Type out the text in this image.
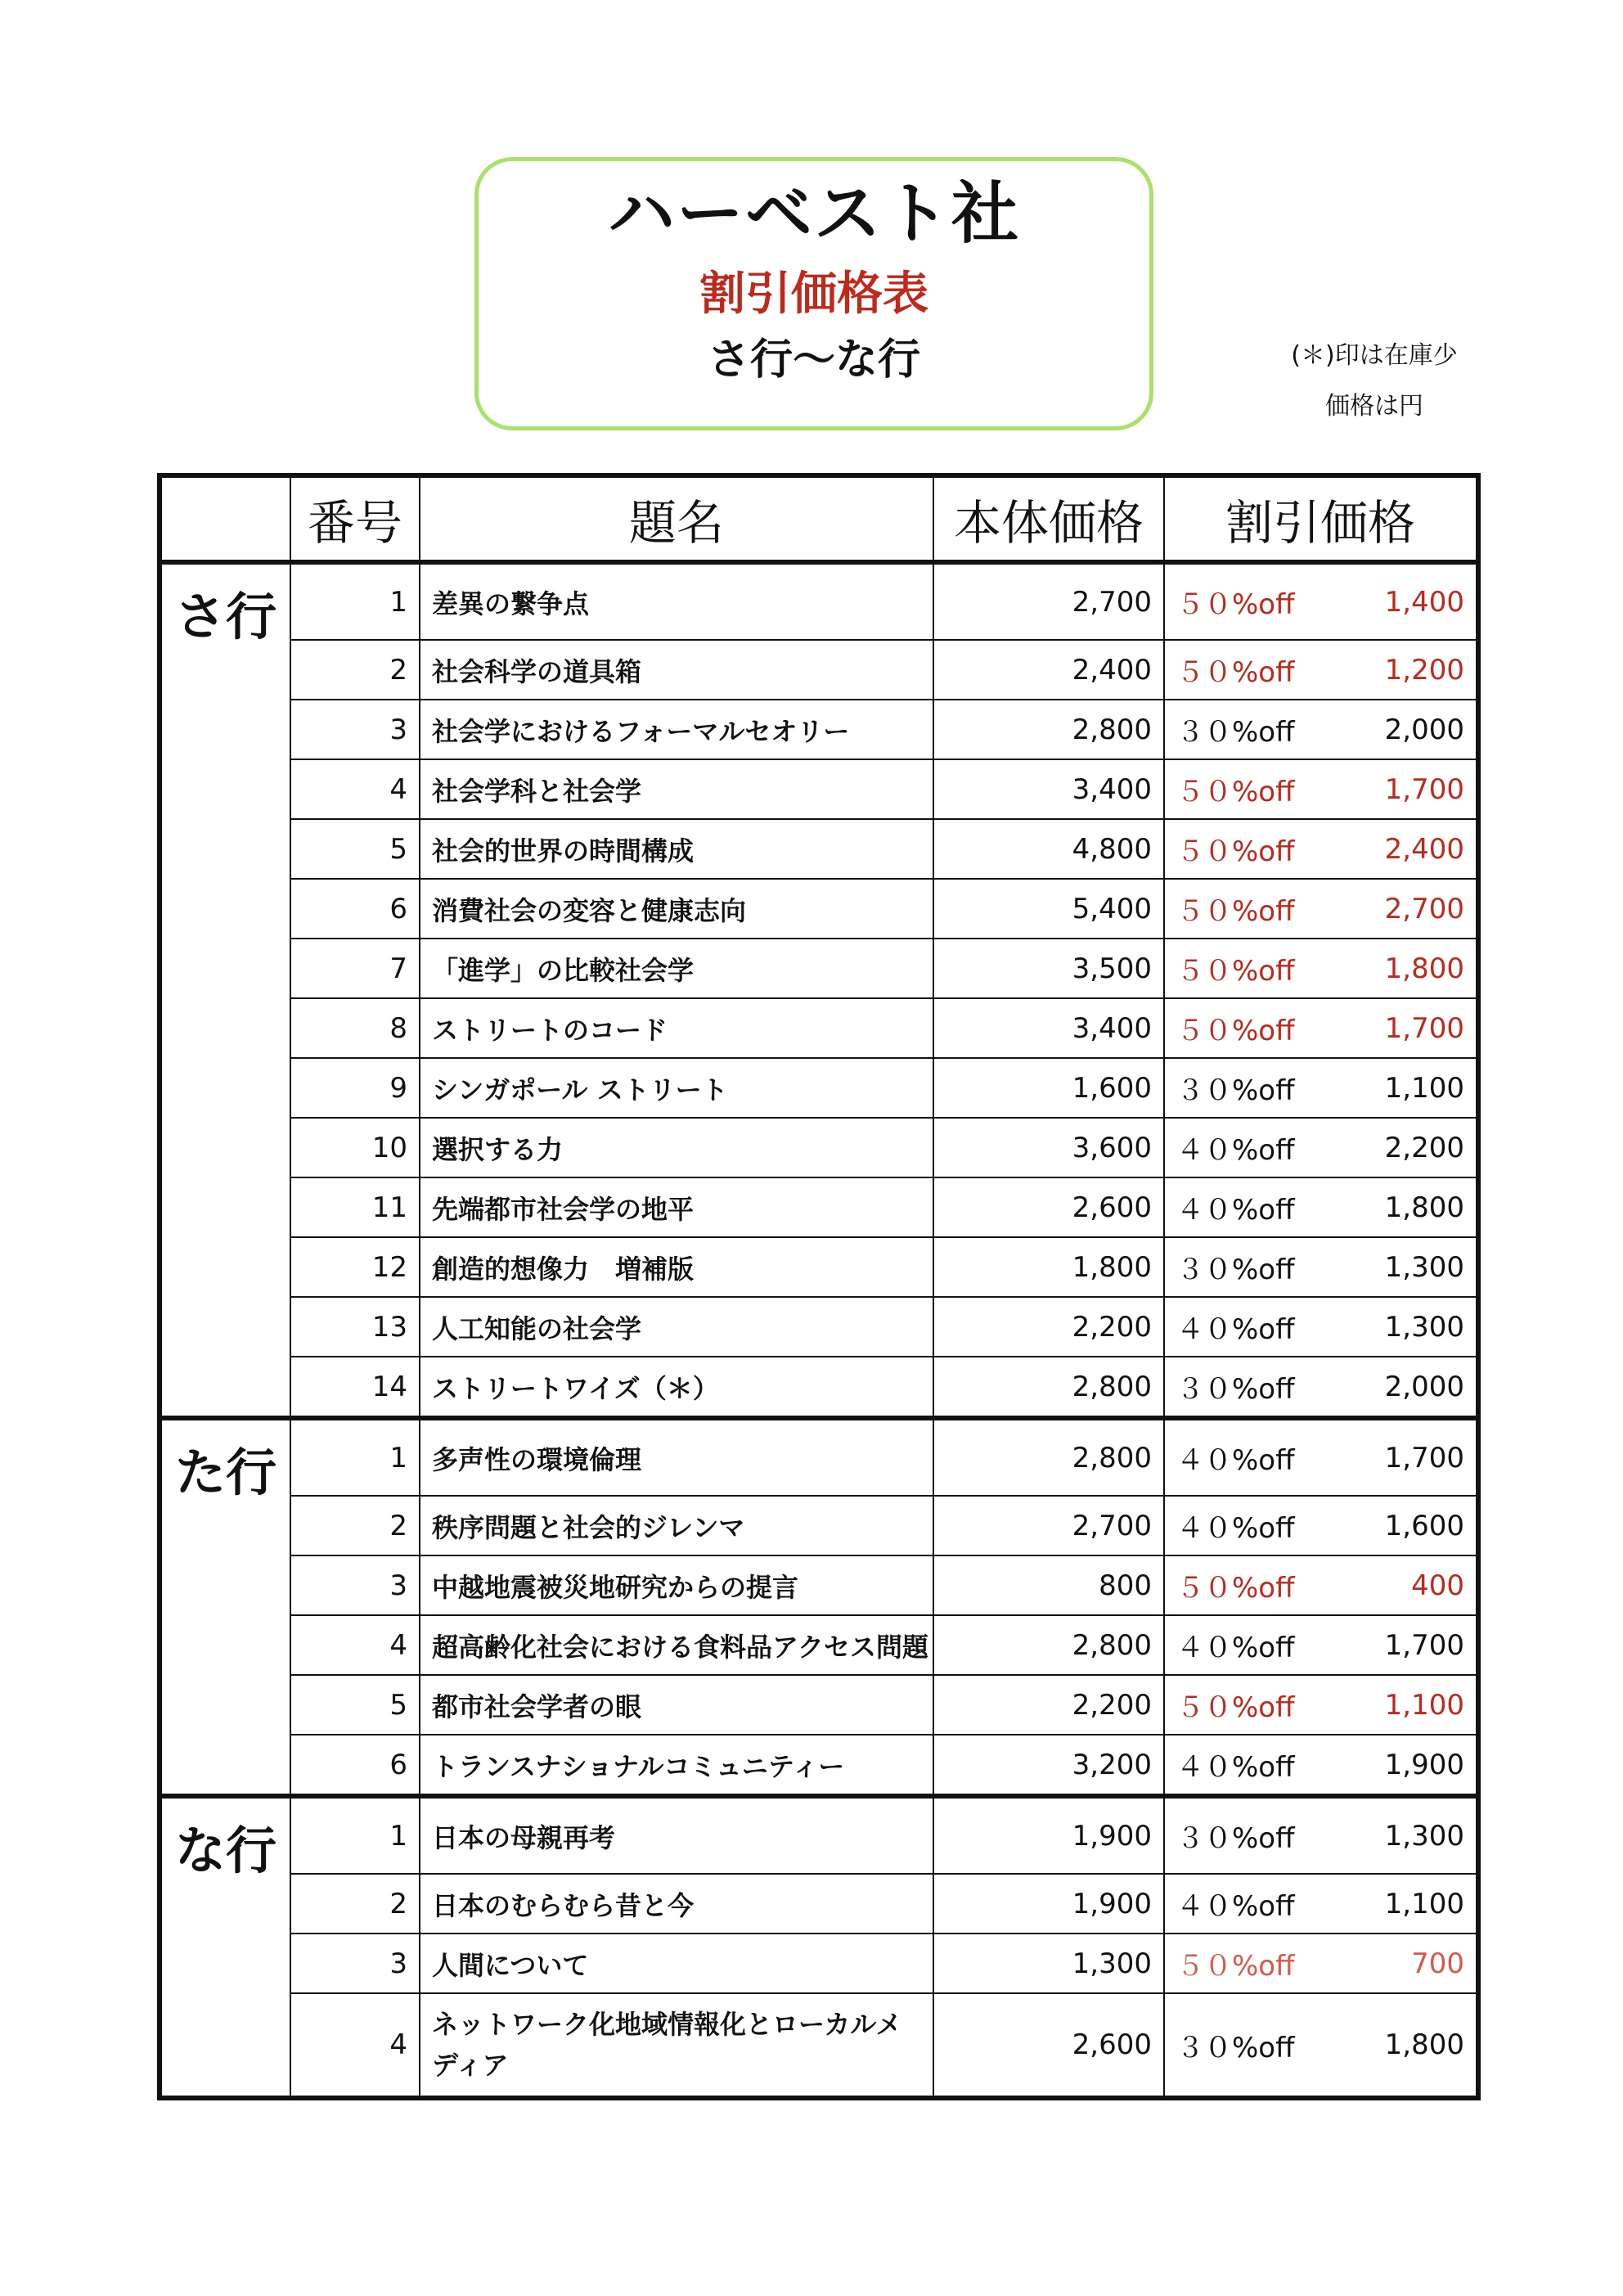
ハーベスト社
割引価格表
さ行〜な行	(＊)印は在庫少
価格は円
	番号	題名	本体価格	割引価格
さ行	1	差異の繋争点	2,700	５０%off 1,400

	2	社会科学の道具箱	2,400	５０%off 1,200

	3	社会学におけるフォーマルセオリー	2,800	３０%off 2,000

	4	社会学科と社会学	3,400	５０%off 1,700

	5	社会的世界の時間構成	4,800	５０%off 2,400

	6	消費社会の変容と健康志向	5,400	５０%off 2,700

	7	「進学」の比較社会学	3,500	５０%off 1,800

	8	ストリートのコード	3,400	５０%off 1,700

	9	シンガポール ストリート	1,600	３０%off 1,100

	10	選択する力	3,600	４０%off 2,200

	11	先端都市社会学の地平	2,600	４０%off 1,800

	12	創造的想像力　増補版	1,800	３０%off 1,300

	13	人工知能の社会学	2,200	４０%off 1,300

	14	ストリートワイズ（＊）	2,800	３０%off 2,000

た行	1	多声性の環境倫理	2,800	４０%off 1,700

	2	秩序問題と社会的ジレンマ	2,700	４０%off 1,600

	3	中越地震被災地研究からの提言	800	５０%off 400

	4	超高齢化社会における食料品アクセス問題	2,800	４０%off 1,700

	5	都市社会学者の眼	2,200	５０%off 1,100

	6	トランスナショナルコミュニティー	3,200	４０%off 1,900

な行	1	日本の母親再考	1,900	３０%off 1,300

	2	日本のむらむら昔と今	1,900	４０%off 1,100

	3	人間について	1,300	５０%off 700

	4	ネットワーク化地域情報化とローカルメディア	2,600	３０%off 1,800
